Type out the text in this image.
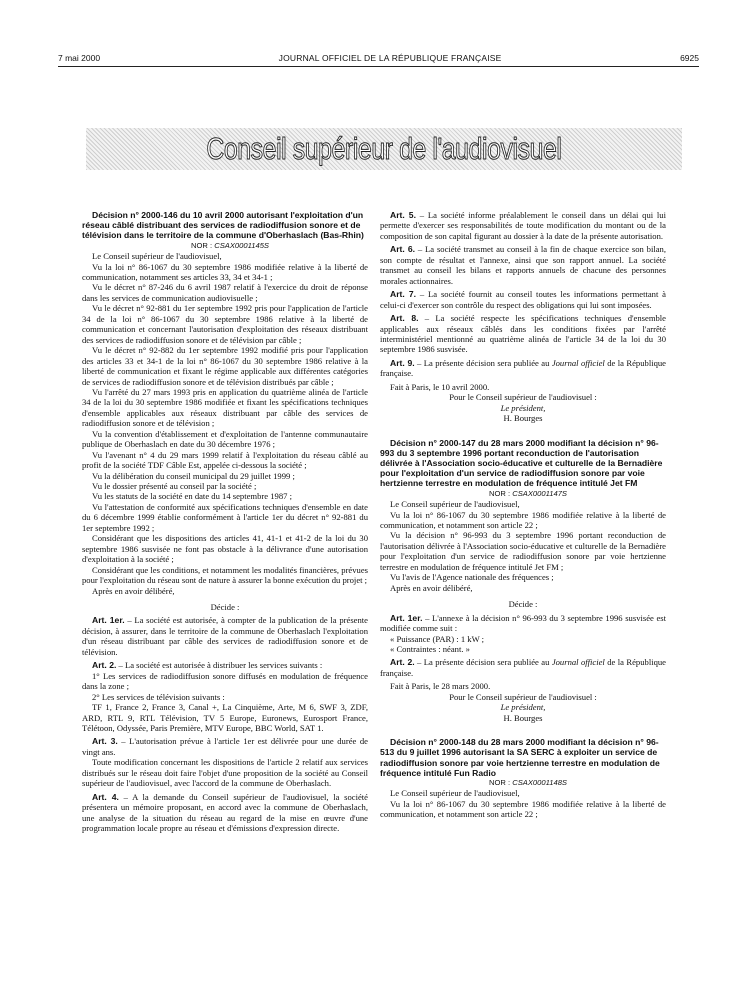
7 mai 2000	JOURNAL OFFICIEL DE LA RÉPUBLIQUE FRANÇAISE	6925
Conseil supérieur de l'audiovisuel

Décision n° 2000-146 du 10 avril 2000 autorisant l'exploitation d'un réseau câblé distribuant des services de radiodiffusion sonore et de télévision dans le territoire de la commune d'Oberhaslach (Bas-Rhin)

NOR : CSAX0001145S

Le Conseil supérieur de l'audiovisuel,

Vu la loi n° 86-1067 du 30 septembre 1986 modifiée relative à la liberté de communication, notamment ses articles 33, 34 et 34-1 ;

Vu le décret n° 87-246 du 6 avril 1987 relatif à l'exercice du droit de réponse dans les services de communication audiovisuelle ;

Vu le décret n° 92-881 du 1er septembre 1992 pris pour l'application de l'article 34 de la loi n° 86-1067 du 30 septembre 1986 relative à la liberté de communication et concernant l'autorisation d'exploitation des réseaux distribuant des services de radiodiffusion sonore et de télévision par câble ;

Vu le décret n° 92-882 du 1er septembre 1992 modifié pris pour l'application des articles 33 et 34-1 de la loi n° 86-1067 du 30 septembre 1986 relative à la liberté de communication et fixant le régime applicable aux différentes catégories de services de radiodiffusion sonore et de télévision distribués par câble ;

Vu l'arrêté du 27 mars 1993 pris en application du quatrième alinéa de l'article 34 de la loi du 30 septembre 1986 modifiée et fixant les spécifications techniques d'ensemble applicables aux réseaux distribuant par câble des services de radiodiffusion sonore et de télévision ;

Vu la convention d'établissement et d'exploitation de l'antenne communautaire publique de Oberhaslach en date du 30 décembre 1976 ;

Vu l'avenant n° 4 du 29 mars 1999 relatif à l'exploitation du réseau câblé au profit de la société TDF Câble Est, appelée ci-dessous la société ;

Vu la délibération du conseil municipal du 29 juillet 1999 ;

Vu le dossier présenté au conseil par la société ;

Vu les statuts de la société en date du 14 septembre 1987 ;

Vu l'attestation de conformité aux spécifications techniques d'ensemble en date du 6 décembre 1999 établie conformément à l'article 1er du décret n° 92-881 du 1er septembre 1992 ;

Considérant que les dispositions des articles 41, 41-1 et 41-2 de la loi du 30 septembre 1986 susvisée ne font pas obstacle à la délivrance d'une autorisation d'exploitation à la société ;

Considérant que les conditions, et notamment les modalités financières, prévues pour l'exploitation du réseau sont de nature à assurer la bonne exécution du projet ;

Après en avoir délibéré,

Décide :

Art. 1er. – La société est autorisée, à compter de la publication de la présente décision, à assurer, dans le territoire de la commune de Oberhaslach l'exploitation d'un réseau distribuant par câble des services de radiodiffusion sonore et de télévision.

Art. 2. – La société est autorisée à distribuer les services suivants :

1° Les services de radiodiffusion sonore diffusés en modulation de fréquence dans la zone ;

2° Les services de télévision suivants :

TF 1, France 2, France 3, Canal +, La Cinquième, Arte, M 6, SWF 3, ZDF, ARD, RTL 9, RTL Télévision, TV 5 Europe, Euronews, Eurosport France, Télétoon, Odyssée, Paris Première, MTV Europe, BBC World, SAT 1.

Art. 3. – L'autorisation prévue à l'article 1er est délivrée pour une durée de vingt ans.

Toute modification concernant les dispositions de l'article 2 relatif aux services distribués sur le réseau doit faire l'objet d'une proposition de la société au Conseil supérieur de l'audiovisuel, avec l'accord de la commune de Oberhaslach.

Art. 4. – A la demande du Conseil supérieur de l'audiovisuel, la société présentera un mémoire proposant, en accord avec la commune de Oberhaslach, une analyse de la situation du réseau au regard de la mise en œuvre d'une programmation locale propre au réseau et d'émissions d'expression directe.

Art. 5. – La société informe préalablement le conseil dans un délai qui lui permette d'exercer ses responsabilités de toute modification du montant ou de la composition de son capital figurant au dossier à la date de la présente autorisation.

Art. 6. – La société transmet au conseil à la fin de chaque exercice son bilan, son compte de résultat et l'annexe, ainsi que son rapport annuel. La société transmet au conseil les bilans et rapports annuels de chacune des personnes morales actionnaires.

Art. 7. – La société fournit au conseil toutes les informations permettant à celui-ci d'exercer son contrôle du respect des obligations qui lui sont imposées.

Art. 8. – La société respecte les spécifications techniques d'ensemble applicables aux réseaux câblés dans les conditions fixées par l'arrêté interministériel mentionné au quatrième alinéa de l'article 34 de la loi du 30 septembre 1986 susvisée.

Art. 9. – La présente décision sera publiée au Journal officiel de la République française.

Fait à Paris, le 10 avril 2000.

Pour le Conseil supérieur de l'audiovisuel :

Le président,

H. Bourges

Décision n° 2000-147 du 28 mars 2000 modifiant la décision n° 96-993 du 3 septembre 1996 portant reconduction de l'autorisation délivrée à l'Association socio-éducative et culturelle de la Bernadière pour l'exploitation d'un service de radiodiffusion sonore par voie hertzienne terrestre en modulation de fréquence intitulé Jet FM

NOR : CSAX0001147S

Le Conseil supérieur de l'audiovisuel,

Vu la loi n° 86-1067 du 30 septembre 1986 modifiée relative à la liberté de communication, et notamment son article 22 ;

Vu la décision n° 96-993 du 3 septembre 1996 portant reconduction de l'autorisation délivrée à l'Association socio-éducative et culturelle de la Bernadière pour l'exploitation d'un service de radiodiffusion sonore par voie hertzienne terrestre en modulation de fréquence intitulé Jet FM ;

Vu l'avis de l'Agence nationale des fréquences ;

Après en avoir délibéré,

Décide :

Art. 1er. – L'annexe à la décision n° 96-993 du 3 septembre 1996 susvisée est modifiée comme suit :

« Puissance (PAR) : 1 kW ;

« Contraintes : néant. »

Art. 2. – La présente décision sera publiée au Journal officiel de la République française.

Fait à Paris, le 28 mars 2000.

Pour le Conseil supérieur de l'audiovisuel :

Le président,

H. Bourges

Décision n° 2000-148 du 28 mars 2000 modifiant la décision n° 96-513 du 9 juillet 1996 autorisant la SA SERC à exploiter un service de radiodiffusion sonore par voie hertzienne terrestre en modulation de fréquence intitulé Fun Radio

NOR : CSAX0001148S

Le Conseil supérieur de l'audiovisuel,

Vu la loi n° 86-1067 du 30 septembre 1986 modifiée relative à la liberté de communication, et notamment son article 22 ;
